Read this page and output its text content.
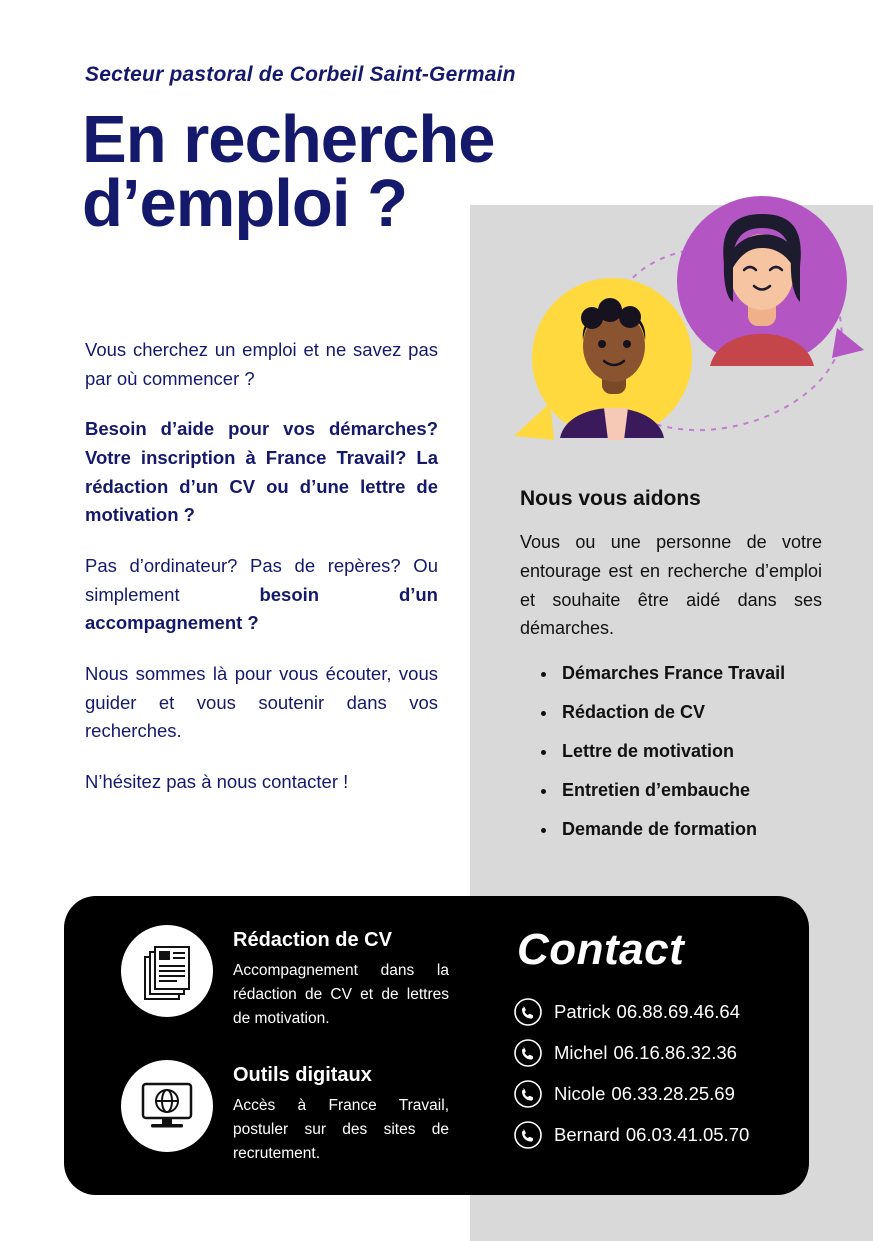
Secteur pastoral de Corbeil Saint-Germain
En recherche
d’emploi ?

Vous cherchez un emploi et ne savez pas par où commencer ?

Besoin d’aide pour vos démarches? Votre inscription à France Travail? La rédaction d’un CV ou d’une lettre de motivation ?

Pas d’ordinateur? Pas de repères? Ou simplement besoin d’un accompagnement ?

Nous sommes là pour vous écouter, vous guider et vous soutenir dans vos recherches.

N’hésitez pas à nous contacter !

Nous vous aidons
Vous ou une personne de votre entourage est en recherche d’emploi et souhaite être aidé dans ses démarches.
• Démarches France Travail
• Rédaction de CV
• Lettre de motivation
• Entretien d’embauche
• Demande de formation
Rédaction de CV
Accompagnement dans la rédaction de CV et de lettres de motivation.
Outils digitaux
Accès à France Travail, postuler sur des sites de recrutement.
Contact
Patrick 06.88.69.46.64
Michel 06.16.86.32.36
Nicole 06.33.28.25.69
Bernard 06.03.41.05.70
